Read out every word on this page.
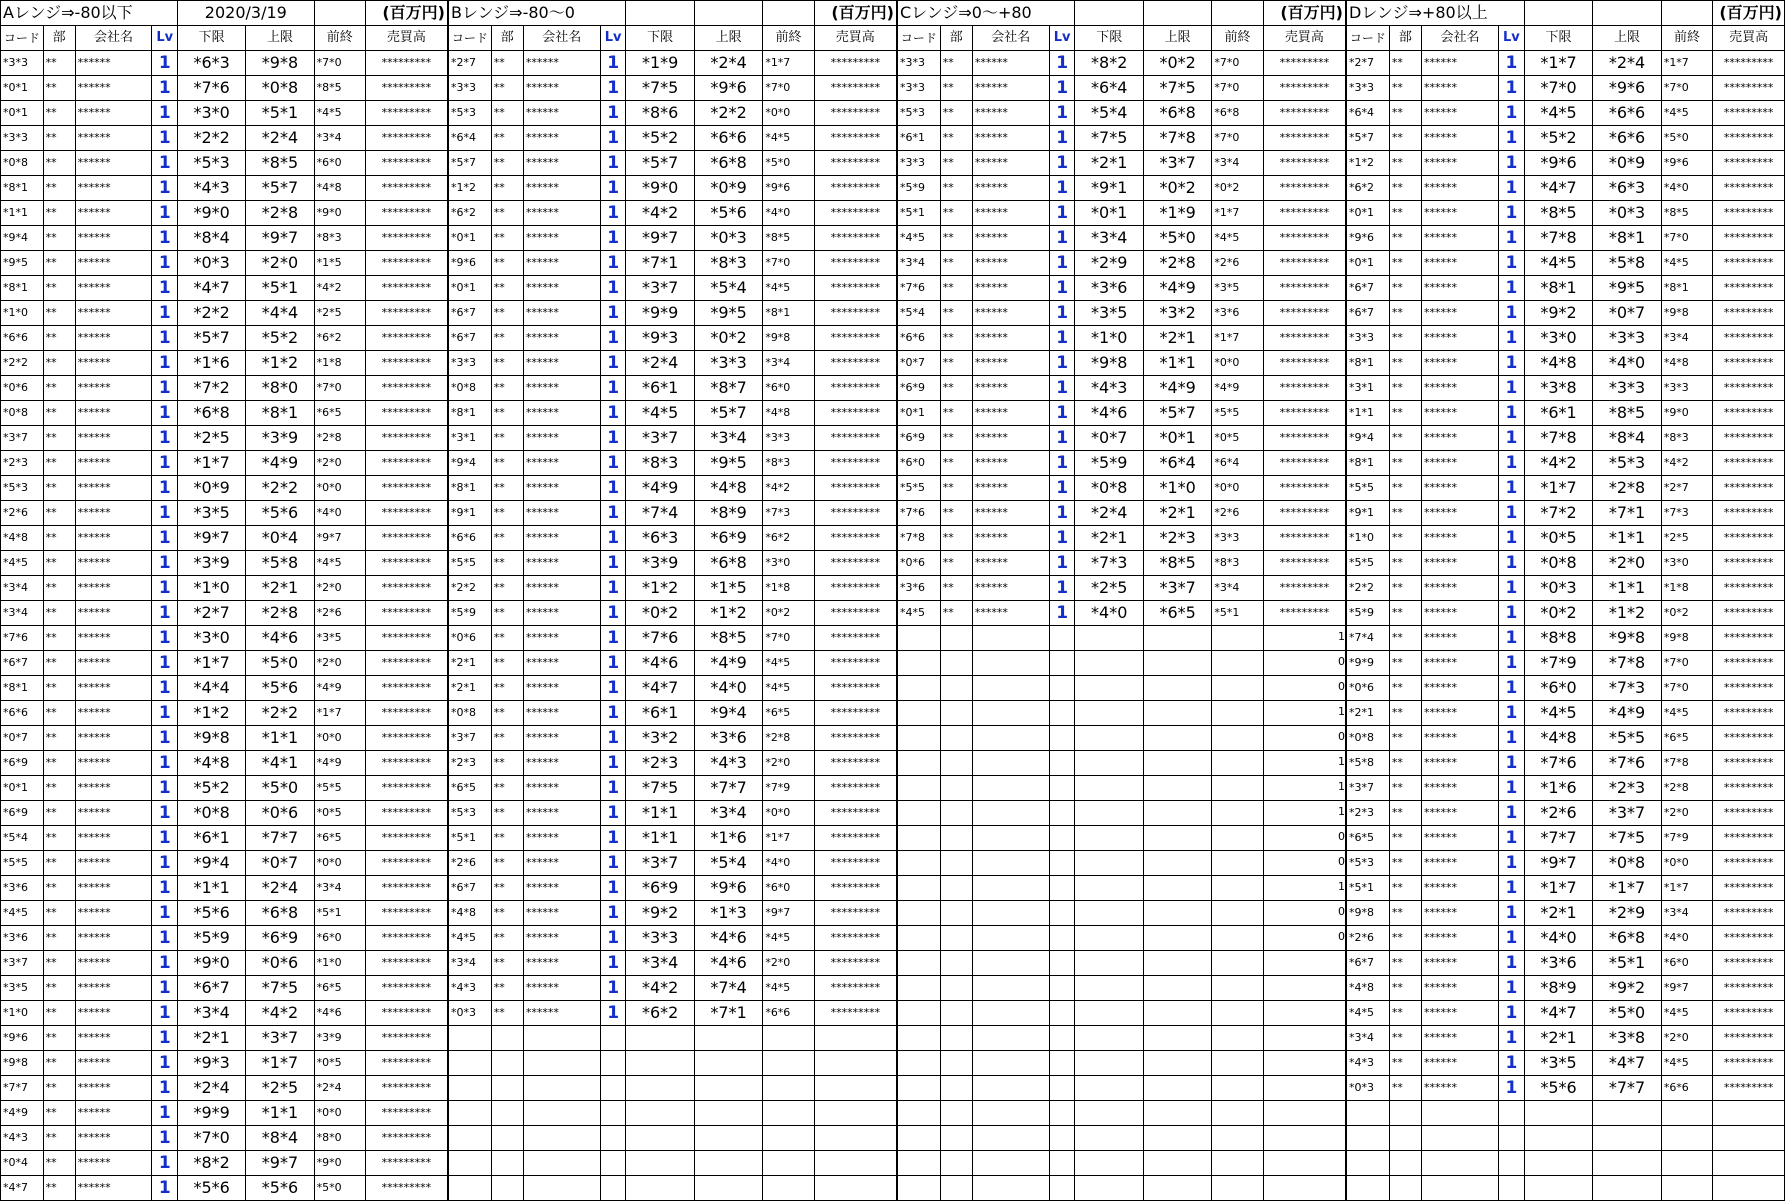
Aレンジ⇒-80以下				2020/3/19			(百万円)
コード	部	会社名	Lv	下限	上限	前終	売買高
*3*3	**	******	1	*6*3	*9*8	*7*0	*********
*0*1	**	******	1	*7*6	*0*8	*8*5	*********
*0*1	**	******	1	*3*0	*5*1	*4*5	*********
*3*3	**	******	1	*2*2	*2*4	*3*4	*********
*0*8	**	******	1	*5*3	*8*5	*6*0	*********
*8*1	**	******	1	*4*3	*5*7	*4*8	*********
*1*1	**	******	1	*9*0	*2*8	*9*0	*********
*9*4	**	******	1	*8*4	*9*7	*8*3	*********
*9*5	**	******	1	*0*3	*2*0	*1*5	*********
*8*1	**	******	1	*4*7	*5*1	*4*2	*********
*1*0	**	******	1	*2*2	*4*4	*2*5	*********
*6*6	**	******	1	*5*7	*5*2	*6*2	*********
*2*2	**	******	1	*1*6	*1*2	*1*8	*********
*0*6	**	******	1	*7*2	*8*0	*7*0	*********
*0*8	**	******	1	*6*8	*8*1	*6*5	*********
*3*7	**	******	1	*2*5	*3*9	*2*8	*********
*2*3	**	******	1	*1*7	*4*9	*2*0	*********
*5*3	**	******	1	*0*9	*2*2	*0*0	*********
*2*6	**	******	1	*3*5	*5*6	*4*0	*********
*4*8	**	******	1	*9*7	*0*4	*9*7	*********
*4*5	**	******	1	*3*9	*5*8	*4*5	*********
*3*4	**	******	1	*1*0	*2*1	*2*0	*********
*3*4	**	******	1	*2*7	*2*8	*2*6	*********
*7*6	**	******	1	*3*0	*4*6	*3*5	*********
*6*7	**	******	1	*1*7	*5*0	*2*0	*********
*8*1	**	******	1	*4*4	*5*6	*4*9	*********
*6*6	**	******	1	*1*2	*2*2	*1*7	*********
*0*7	**	******	1	*9*8	*1*1	*0*0	*********
*6*9	**	******	1	*4*8	*4*1	*4*9	*********
*0*1	**	******	1	*5*2	*5*0	*5*5	*********
*6*9	**	******	1	*0*8	*0*6	*0*5	*********
*5*4	**	******	1	*6*1	*7*7	*6*5	*********
*5*5	**	******	1	*9*4	*0*7	*0*0	*********
*3*6	**	******	1	*1*1	*2*4	*3*4	*********
*4*5	**	******	1	*5*6	*6*8	*5*1	*********
*3*6	**	******	1	*5*9	*6*9	*6*0	*********
*3*7	**	******	1	*9*0	*0*6	*1*0	*********
*3*5	**	******	1	*6*7	*7*5	*6*5	*********
*1*0	**	******	1	*3*4	*4*2	*4*6	*********
*9*6	**	******	1	*2*1	*3*7	*3*9	*********
*9*8	**	******	1	*9*3	*1*7	*0*5	*********
*7*7	**	******	1	*2*4	*2*5	*2*4	*********
*4*9	**	******	1	*9*9	*1*1	*0*0	*********
*4*3	**	******	1	*7*0	*8*4	*8*0	*********
*0*4	**	******	1	*8*2	*9*7	*9*0	*********
*4*7	**	******	1	*5*6	*5*6	*5*0	*********
Bレンジ⇒-80～0							(百万円)
コード	部	会社名	Lv	下限	上限	前終	売買高
*2*7	**	******	1	*1*9	*2*4	*1*7	*********
*3*3	**	******	1	*7*5	*9*6	*7*0	*********
*5*3	**	******	1	*8*6	*2*2	*0*0	*********
*6*4	**	******	1	*5*2	*6*6	*4*5	*********
*5*7	**	******	1	*5*7	*6*8	*5*0	*********
*1*2	**	******	1	*9*0	*0*9	*9*6	*********
*6*2	**	******	1	*4*2	*5*6	*4*0	*********
*0*1	**	******	1	*9*7	*0*3	*8*5	*********
*9*6	**	******	1	*7*1	*8*3	*7*0	*********
*0*1	**	******	1	*3*7	*5*4	*4*5	*********
*6*7	**	******	1	*9*9	*9*5	*8*1	*********
*6*7	**	******	1	*9*3	*0*2	*9*8	*********
*3*3	**	******	1	*2*4	*3*3	*3*4	*********
*0*8	**	******	1	*6*1	*8*7	*6*0	*********
*8*1	**	******	1	*4*5	*5*7	*4*8	*********
*3*1	**	******	1	*3*7	*3*4	*3*3	*********
*9*4	**	******	1	*8*3	*9*5	*8*3	*********
*8*1	**	******	1	*4*9	*4*8	*4*2	*********
*9*1	**	******	1	*7*4	*8*9	*7*3	*********
*6*6	**	******	1	*6*3	*6*9	*6*2	*********
*5*5	**	******	1	*3*9	*6*8	*3*0	*********
*2*2	**	******	1	*1*2	*1*5	*1*8	*********
*5*9	**	******	1	*0*2	*1*2	*0*2	*********
*0*6	**	******	1	*7*6	*8*5	*7*0	*********
*2*1	**	******	1	*4*6	*4*9	*4*5	*********
*2*1	**	******	1	*4*7	*4*0	*4*5	*********
*0*8	**	******	1	*6*1	*9*4	*6*5	*********
*3*7	**	******	1	*3*2	*3*6	*2*8	*********
*2*3	**	******	1	*2*3	*4*3	*2*0	*********
*6*5	**	******	1	*7*5	*7*7	*7*9	*********
*5*3	**	******	1	*1*1	*3*4	*0*0	*********
*5*1	**	******	1	*1*1	*1*6	*1*7	*********
*2*6	**	******	1	*3*7	*5*4	*4*0	*********
*6*7	**	******	1	*6*9	*9*6	*6*0	*********
*4*8	**	******	1	*9*2	*1*3	*9*7	*********
*4*5	**	******	1	*3*3	*4*6	*4*5	*********
*3*4	**	******	1	*3*4	*4*6	*2*0	*********
*4*3	**	******	1	*4*2	*7*4	*4*5	*********
*0*3	**	******	1	*6*2	*7*1	*6*6	*********

Cレンジ⇒0～+80							(百万円)
コード	部	会社名	Lv	下限	上限	前終	売買高
*3*3	**	******	1	*8*2	*0*2	*7*0	*********
*3*3	**	******	1	*6*4	*7*5	*7*0	*********
*5*3	**	******	1	*5*4	*6*8	*6*8	*********
*6*1	**	******	1	*7*5	*7*8	*7*0	*********
*3*3	**	******	1	*2*1	*3*7	*3*4	*********
*5*9	**	******	1	*9*1	*0*2	*0*2	*********
*5*1	**	******	1	*0*1	*1*9	*1*7	*********
*4*5	**	******	1	*3*4	*5*0	*4*5	*********
*3*4	**	******	1	*2*9	*2*8	*2*6	*********
*7*6	**	******	1	*3*6	*4*9	*3*5	*********
*5*4	**	******	1	*3*5	*3*2	*3*6	*********
*6*6	**	******	1	*1*0	*2*1	*1*7	*********
*0*7	**	******	1	*9*8	*1*1	*0*0	*********
*6*9	**	******	1	*4*3	*4*9	*4*9	*********
*0*1	**	******	1	*4*6	*5*7	*5*5	*********
*6*9	**	******	1	*0*7	*0*1	*0*5	*********
*6*0	**	******	1	*5*9	*6*4	*6*4	*********
*5*5	**	******	1	*0*8	*1*0	*0*0	*********
*7*6	**	******	1	*2*4	*2*1	*2*6	*********
*7*8	**	******	1	*2*1	*2*3	*3*3	*********
*0*6	**	******	1	*7*3	*8*5	*8*3	*********
*3*6	**	******	1	*2*5	*3*7	*3*4	*********
*4*5	**	******	1	*4*0	*6*5	*5*1	*********

Dレンジ⇒+80以上							(百万円)
コード	部	会社名	Lv	下限	上限	前終	売買高
*2*7	**	******	1	*1*7	*2*4	*1*7	*********
*3*3	**	******	1	*7*0	*9*6	*7*0	*********
*6*4	**	******	1	*4*5	*6*6	*4*5	*********
*5*7	**	******	1	*5*2	*6*6	*5*0	*********
*1*2	**	******	1	*9*6	*0*9	*9*6	*********
*6*2	**	******	1	*4*7	*6*3	*4*0	*********
*0*1	**	******	1	*8*5	*0*3	*8*5	*********
*9*6	**	******	1	*7*8	*8*1	*7*0	*********
*0*1	**	******	1	*4*5	*5*8	*4*5	*********
*6*7	**	******	1	*8*1	*9*5	*8*1	*********
*6*7	**	******	1	*9*2	*0*7	*9*8	*********
*3*3	**	******	1	*3*0	*3*3	*3*4	*********
*8*1	**	******	1	*4*8	*4*0	*4*8	*********
*3*1	**	******	1	*3*8	*3*3	*3*3	*********
*1*1	**	******	1	*6*1	*8*5	*9*0	*********
*9*4	**	******	1	*7*8	*8*4	*8*3	*********
*8*1	**	******	1	*4*2	*5*3	*4*2	*********
*5*5	**	******	1	*1*7	*2*8	*2*7	*********
*9*1	**	******	1	*7*2	*7*1	*7*3	*********
*1*0	**	******	1	*0*5	*1*1	*2*5	*********
*5*5	**	******	1	*0*8	*2*0	*3*0	*********
*2*2	**	******	1	*0*3	*1*1	*1*8	*********
*5*9	**	******	1	*0*2	*1*2	*0*2	*********

1 *7*4	**	******	1	*8*8	*9*8	*9*8	*********

0 *9*9	**	******	1	*7*9	*7*8	*7*0	*********

0 *0*6	**	******	1	*6*0	*7*3	*7*0	*********

1 *2*1	**	******	1	*4*5	*4*9	*4*5	*********

0 *0*8	**	******	1	*4*8	*5*5	*6*5	*********

1 *5*8	**	******	1	*7*6	*7*6	*7*8	*********

1 *3*7	**	******	1	*1*6	*2*3	*2*8	*********

1 *2*3	**	******	1	*2*6	*3*7	*2*0	*********

0 *6*5	**	******	1	*7*7	*7*5	*7*9	*********

0 *5*3	**	******	1	*9*7	*0*8	*0*0	*********

1 *5*1	**	******	1	*1*7	*1*7	*1*7	*********

0 *9*8	**	******	1	*2*1	*2*9	*3*4	*********

0 *2*6	**	******	1	*4*0	*6*8	*4*0	*********
*6*7	**	******	1	*3*6	*5*1	*6*0	*********
*4*8	**	******	1	*8*9	*9*2	*9*7	*********
*4*5	**	******	1	*4*7	*5*0	*4*5	*********
*3*4	**	******	1	*2*1	*3*8	*2*0	*********
*4*3	**	******	1	*3*5	*4*7	*4*5	*********
*0*3	**	******	1	*5*6	*7*7	*6*6	*********
